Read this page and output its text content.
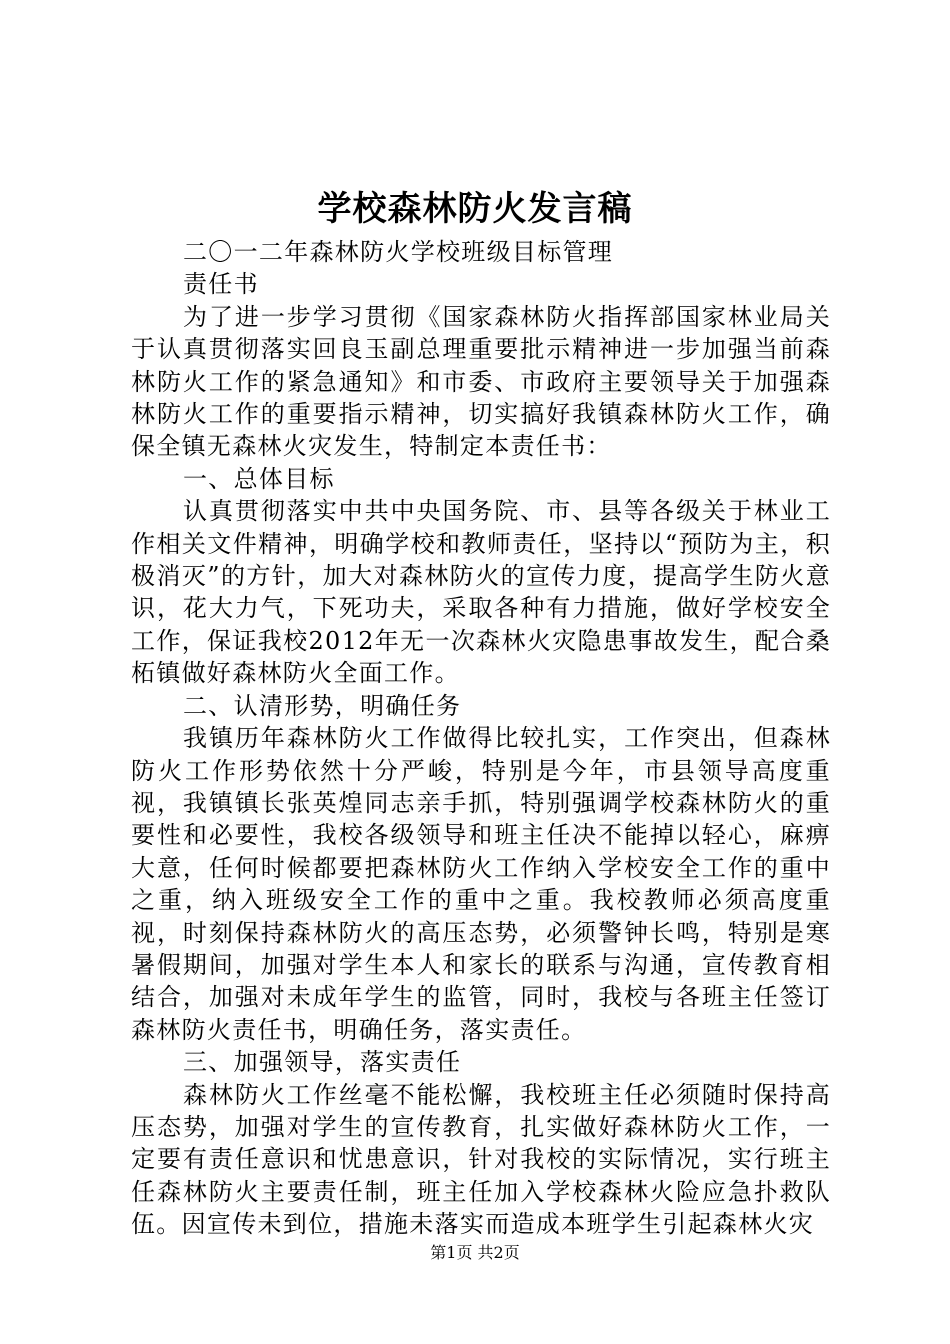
学校森林防火发言稿

二〇一二年森林防火学校班级目标管理

责任书

为了进一步学习贯彻《国家森林防火指挥部国家林业局关于认真贯彻落实回良玉副总理重要批示精神进一步加强当前森林防火工作的紧急通知》和市委、市政府主要领导关于加强森林防火工作的重要指示精神，切实搞好我镇森林防火工作，确保全镇无森林火灾发生，特制定本责任书：

一、总体目标

认真贯彻落实中共中央国务院、市、县等各级关于林业工作相关文件精神，明确学校和教师责任，坚持以“预防为主，积极消灭”的方针，加大对森林防火的宣传力度，提高学生防火意识，花大力气，下死功夫，采取各种有力措施，做好学校安全工作，保证我校2012年无一次森林火灾隐患事故发生，配合桑柘镇做好森林防火全面工作。

二、认清形势，明确任务

我镇历年森林防火工作做得比较扎实，工作突出，但森林防火工作形势依然十分严峻，特别是今年，市县领导高度重视，我镇镇长张英煌同志亲手抓，特别强调学校森林防火的重要性和必要性，我校各级领导和班主任决不能掉以轻心，麻痹大意，任何时候都要把森林防火工作纳入学校安全工作的重中之重，纳入班级安全工作的重中之重。我校教师必须高度重视，时刻保持森林防火的高压态势，必须警钟长鸣，特别是寒暑假期间，加强对学生本人和家长的联系与沟通，宣传教育相结合，加强对未成年学生的监管，同时，我校与各班主任签订森林防火责任书，明确任务，落实责任。

三、加强领导，落实责任

森林防火工作丝毫不能松懈，我校班主任必须随时保持高压态势，加强对学生的宣传教育，扎实做好森林防火工作，一定要有责任意识和忧患意识，针对我校的实际情况，实行班主任森林防火主要责任制，班主任加入学校森林火险应急扑救队伍。因宣传未到位，措施未落实而造成本班学生引起森林火灾

第1页 共2页
